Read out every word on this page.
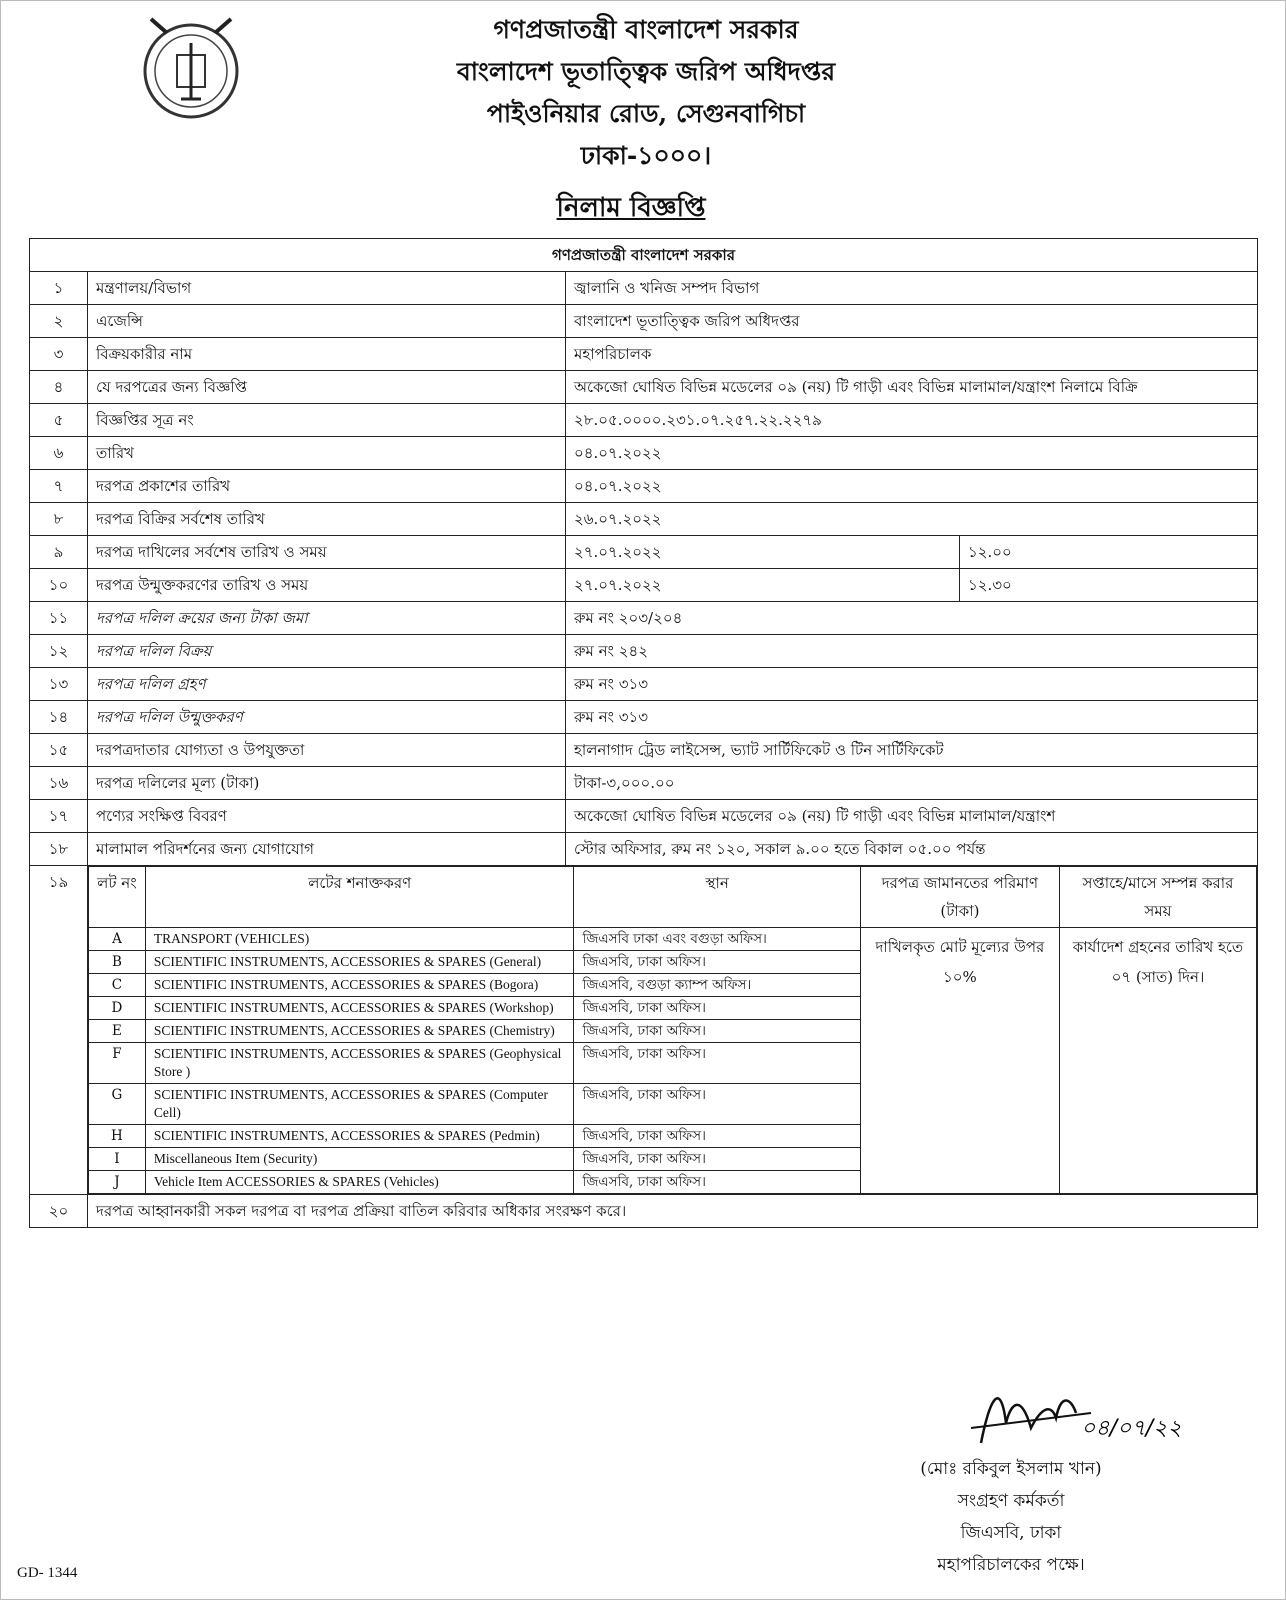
গণপ্রজাতন্ত্রী বাংলাদেশ সরকার
বাংলাদেশ ভূতাত্ত্বিক জরিপ অধিদপ্তর
পাইওনিয়ার রোড, সেগুনবাগিচা
ঢাকা-১০০০।
নিলাম বিজ্ঞপ্তি
গণপ্রজাতন্ত্রী বাংলাদেশ সরকার
১	মন্ত্রণালয়/বিভাগ	জ্বালানি ও খনিজ সম্পদ বিভাগ
২	এজেন্সি	বাংলাদেশ ভূতাত্ত্বিক জরিপ অধিদপ্তর
৩	বিক্রয়কারীর নাম	মহাপরিচালক
৪	যে দরপত্রের জন্য বিজ্ঞপ্তি	অকেজো ঘোষিত বিভিন্ন মডেলের ০৯ (নয়) টি গাড়ী এবং বিভিন্ন মালামাল/যন্ত্রাংশ নিলামে বিক্রি
৫	বিজ্ঞপ্তির সূত্র নং	২৮.০৫.০০০০.২৩১.০৭.২৫৭.২২.২২৭৯
৬	তারিখ	০৪.০৭.২০২২
৭	দরপত্র প্রকাশের তারিখ	০৪.০৭.২০২২
৮	দরপত্র বিক্রির সর্বশেষ তারিখ	২৬.০৭.২০২২
৯	দরপত্র দাখিলের সর্বশেষ তারিখ ও সময়	২৭.০৭.২০২২	১২.০০
১০	দরপত্র উন্মুক্তকরণের তারিখ ও সময়	২৭.০৭.২০২২	১২.৩০
১১	দরপত্র দলিল ক্রয়ের জন্য টাকা জমা	রুম নং ২০৩/২০৪
১২	দরপত্র দলিল বিক্রয়	রুম নং ২৪২
১৩	দরপত্র দলিল গ্রহণ	রুম নং ৩১৩
১৪	দরপত্র দলিল উন্মুক্তকরণ	রুম নং ৩১৩
১৫	দরপত্রদাতার যোগ্যতা ও উপযুক্ততা	হালনাগাদ ট্রেড লাইসেন্স, ভ্যাট সার্টিফিকেট ও টিন সার্টিফিকেট
১৬	দরপত্র দলিলের মূল্য (টাকা)	টাকা-৩,০০০.০০
১৭	পণ্যের সংক্ষিপ্ত বিবরণ	অকেজো ঘোষিত বিভিন্ন মডেলের ০৯ (নয়) টি গাড়ী এবং বিভিন্ন মালামাল/যন্ত্রাংশ
১৮	মালামাল পরিদর্শনের জন্য যোগাযোগ	স্টোর অফিসার, রুম নং ১২০, সকাল ৯.০০ হতে বিকাল ০৫.০০ পর্যন্ত
১৯	লট নং	লটের শনাক্তকরণ	স্থান	দরপত্র জামানতের পরিমাণ (টাকা)	সপ্তাহে/মাসে সম্পন্ন করার সময়
A	TRANSPORT (VEHICLES)	জিএসবি ঢাকা এবং বগুড়া অফিস।	দাখিলকৃত মোট মূল্যের উপর ১০%	কার্যাদেশ গ্রহনের তারিখ হতে ০৭ (সাত) দিন।
B	SCIENTIFIC INSTRUMENTS, ACCESSORIES & SPARES (General)	জিএসবি, ঢাকা অফিস।
C	SCIENTIFIC INSTRUMENTS, ACCESSORIES & SPARES (Bogora)	জিএসবি, বগুড়া ক্যাম্প অফিস।
D	SCIENTIFIC INSTRUMENTS, ACCESSORIES & SPARES (Workshop)	জিএসবি, ঢাকা অফিস।
E	SCIENTIFIC INSTRUMENTS, ACCESSORIES & SPARES (Chemistry)	জিএসবি, ঢাকা অফিস।
F	SCIENTIFIC INSTRUMENTS, ACCESSORIES & SPARES (Geophysical Store )	জিএসবি, ঢাকা অফিস।
G	SCIENTIFIC INSTRUMENTS, ACCESSORIES & SPARES (Computer Cell)	জিএসবি, ঢাকা অফিস।
H	SCIENTIFIC INSTRUMENTS, ACCESSORIES & SPARES (Pedmin)	জিএসবি, ঢাকা অফিস।
I	Miscellaneous Item (Security)	জিএসবি, ঢাকা অফিস।
J	Vehicle Item ACCESSORIES & SPARES (Vehicles)	জিএসবি, ঢাকা অফিস।

২০	দরপত্র আহ্বানকারী সকল দরপত্র বা দরপত্র প্রক্রিয়া বাতিল করিবার অধিকার সংরক্ষণ করে।
০৪/০৭/২২
(মোঃ রকিবুল ইসলাম খান)
সংগ্রহণ কর্মকর্তা
জিএসবি, ঢাকা
মহাপরিচালকের পক্ষে।
GD- 1344
